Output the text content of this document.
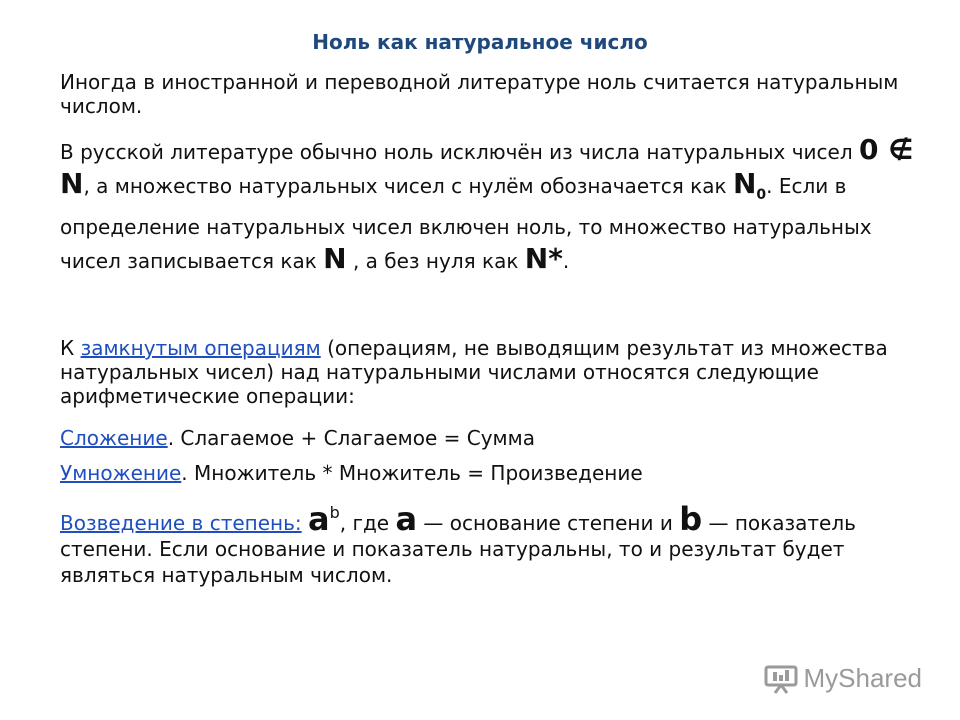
Ноль как натуральное число
Иногда в иностранной и переводной литературе ноль считается натуральным числом.
В русской литературе обычно ноль исключён из числа натуральных чисел 0 ∉ N, а множество натуральных чисел с нулём обозначается как $N_0$. Если в определение натуральных чисел включен ноль, то множество натуральных чисел записывается как N , а без нуля как N*.
К замкнутым операциям (операциям, не выводящим результат из множества натуральных чисел) над натуральными числами относятся следующие арифметические операции:
Сложение. Слагаемое + Слагаемое = Сумма
Умножение. Множитель * Множитель = Произведение
Возведение в степень: $a^b$, где a — основание степени и b — показатель степени. Если основание и показатель натуральны, то и результат будет являться натуральным числом.
MyShared
